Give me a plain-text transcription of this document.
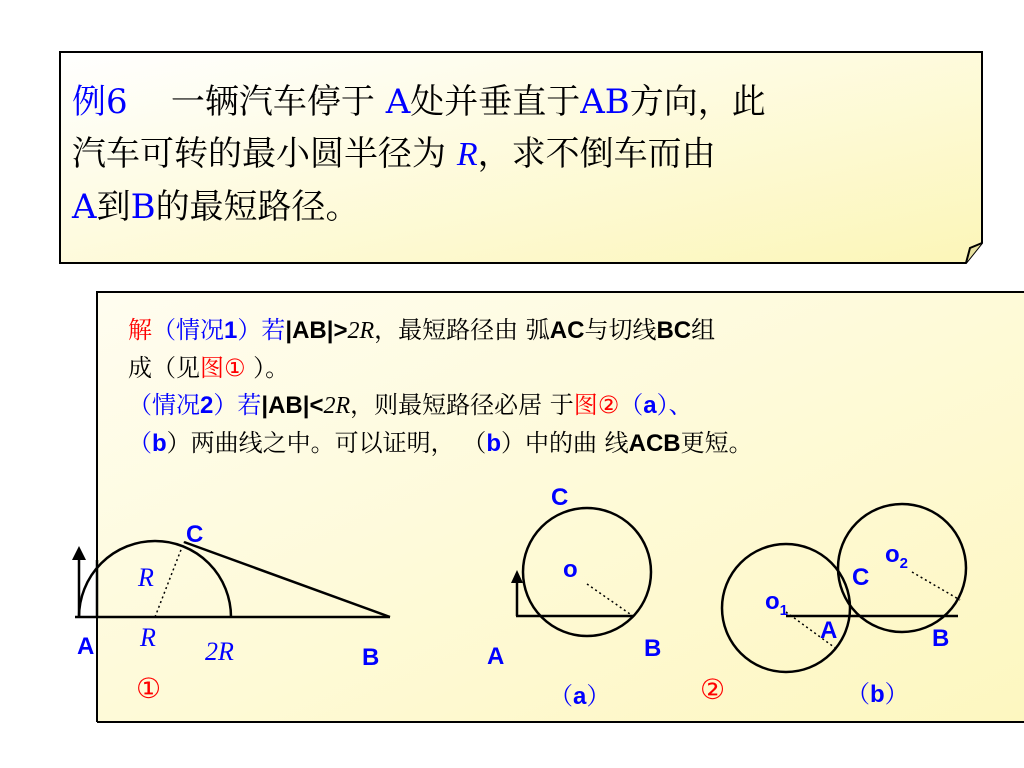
例6 一辆汽车停于 A处并垂直于AB方向，此
汽车可转的最小圆半径为 R，求不倒车而由
A到B的最短路径。
解（情况1）若|AB|>2R，最短路径由 弧AC与切线BC组
成（见图① ）。
（情况2）若|AB|<2R，则最短路径必居 于图②（a）、
（b）两曲线之中。可以证明， （b）中的曲 线ACB更短。
C
R
R 2R
A	B
①
C
o
A	B
（a）
$o_1$
$o_2$
C
A	B
（b）
②
